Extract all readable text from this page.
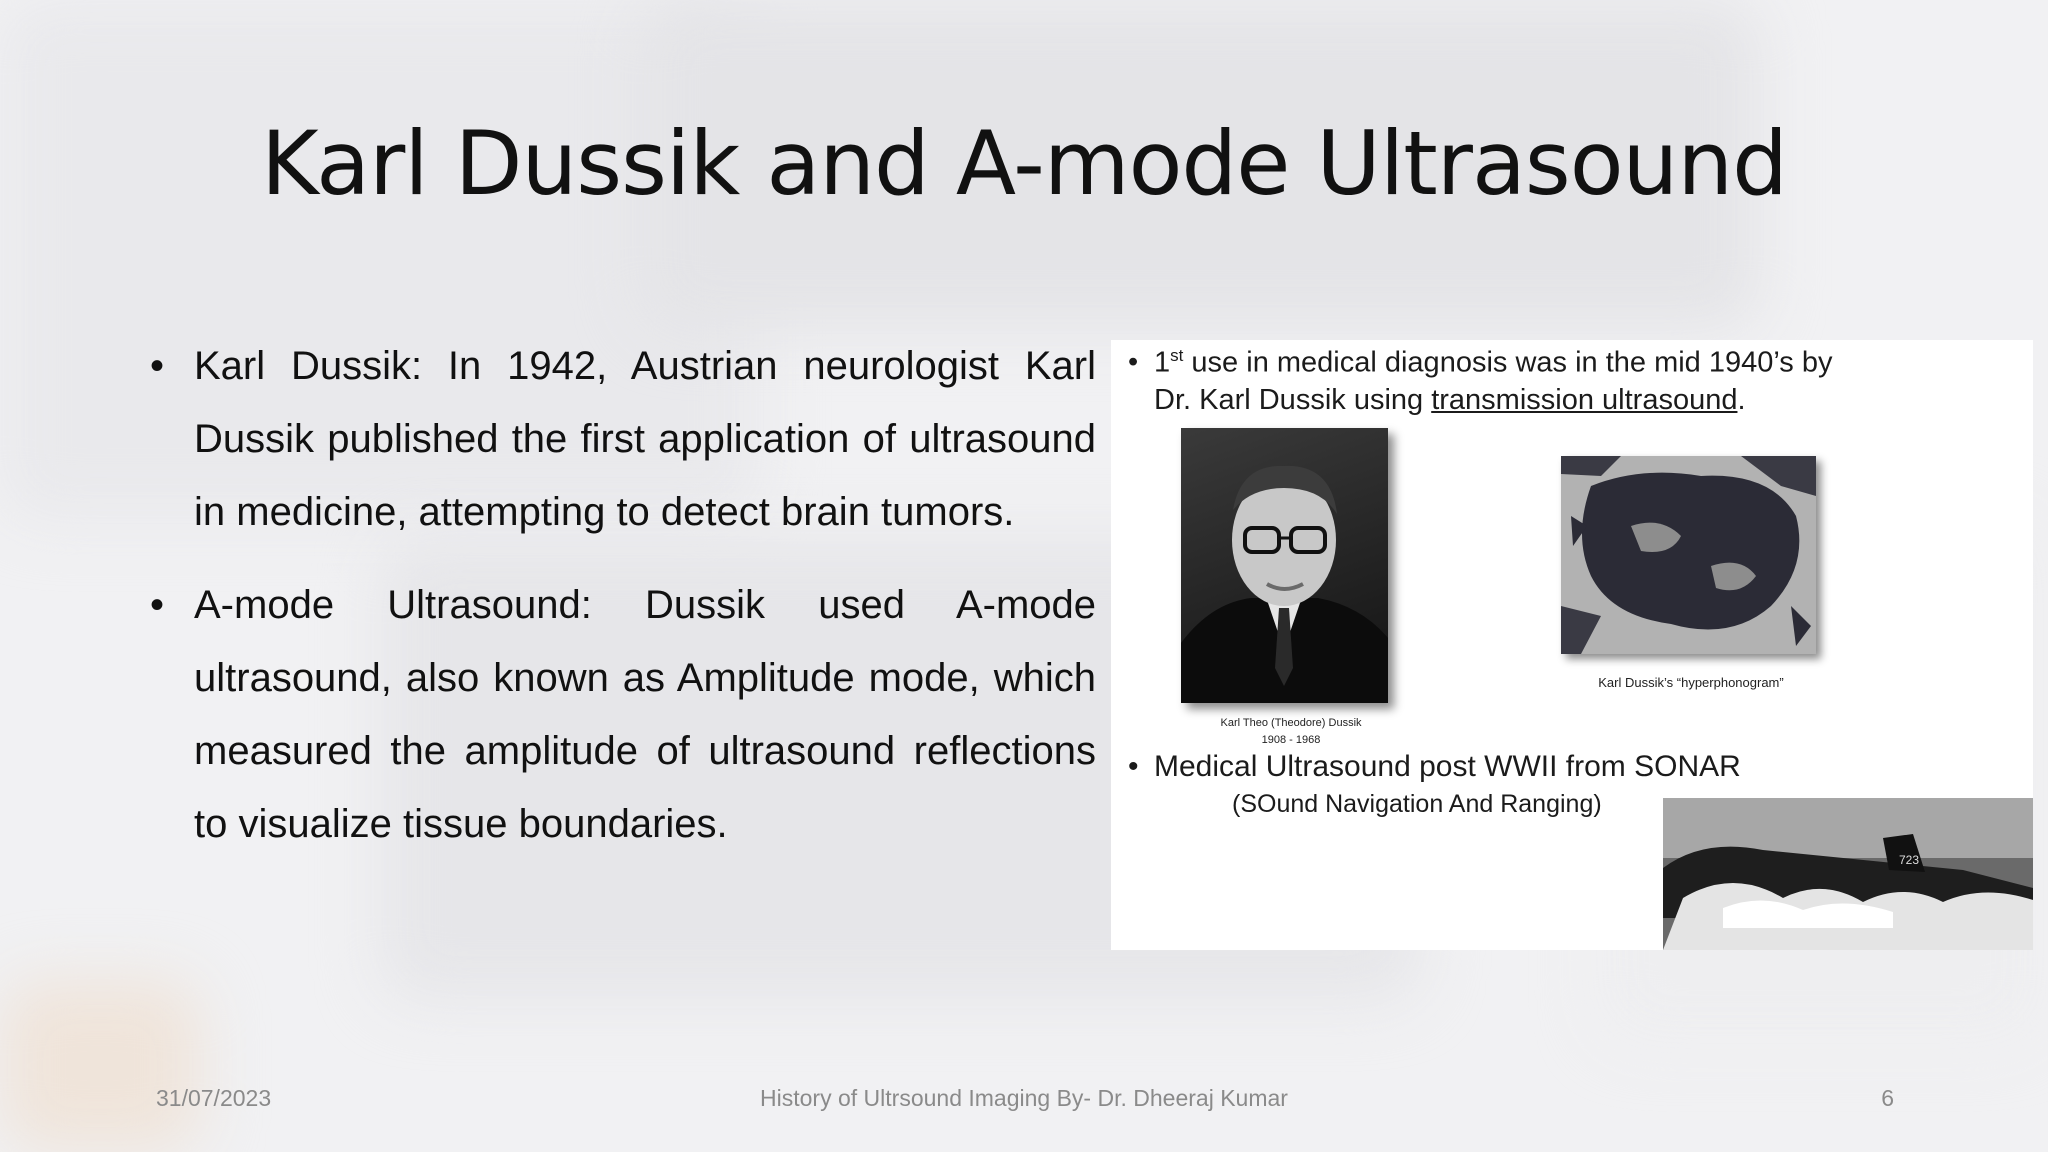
Karl Dussik and A-mode Ultrasound
• Karl Dussik: In 1942, Austrian neurologist Karl Dussik published the first application of ultrasound in medicine, attempting to detect brain tumors.
• A-mode Ultrasound: Dussik used A-mode ultrasound, also known as Amplitude mode, which measured the amplitude of ultrasound reflections to visualize tissue boundaries.
• 1st use in medical diagnosis was in the mid 1940’s by
Dr. Karl Dussik using transmission ultrasound.
Karl Theo (Theodore) Dussik
1908 - 1968
Karl Dussik’s “hyperphonogram”
• Medical Ultrasound post WWII from SONAR
(SOund Navigation And Ranging)
723
31/07/2023	History of Ultrsound Imaging By- Dr. Dheeraj Kumar	6
